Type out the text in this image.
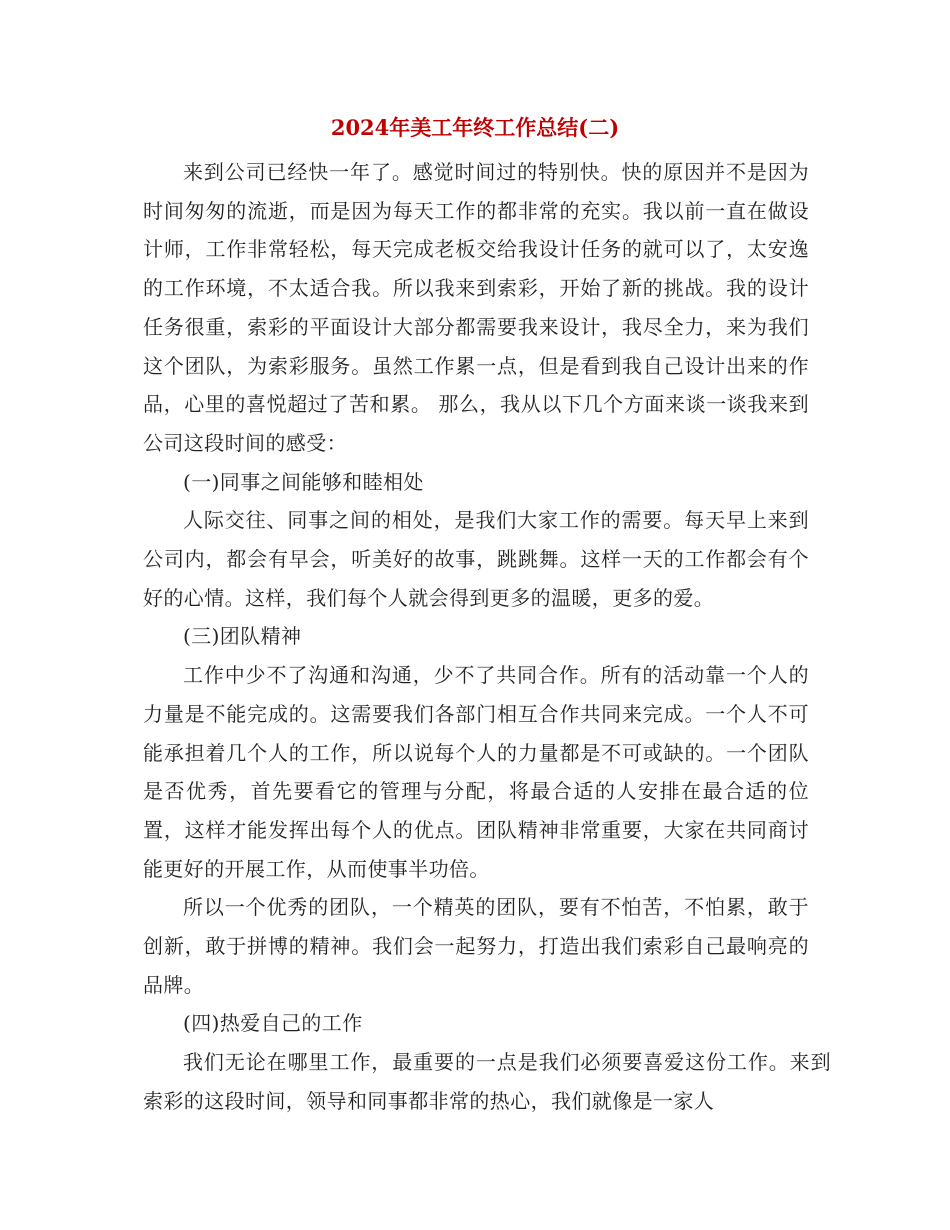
2024年美工年终工作总结(二)

来到公司已经快一年了。感觉时间过的特别快。快的原因并不是因为时间匆匆的流逝，而是因为每天工作的都非常的充实。我以前一直在做设计师，工作非常轻松，每天完成老板交给我设计任务的就可以了，太安逸的工作环境，不太适合我。所以我来到索彩，开始了新的挑战。我的设计任务很重，索彩的平面设计大部分都需要我来设计，我尽全力，来为我们这个团队，为索彩服务。虽然工作累一点，但是看到我自己设计出来的作品，心里的喜悦超过了苦和累。 那么，我从以下几个方面来谈一谈我来到公司这段时间的感受：

(一)同事之间能够和睦相处

人际交往、同事之间的相处，是我们大家工作的需要。每天早上来到公司内，都会有早会，听美好的故事，跳跳舞。这样一天的工作都会有个好的心情。这样，我们每个人就会得到更多的温暖，更多的爱。

(三)团队精神

工作中少不了沟通和沟通，少不了共同合作。所有的活动靠一个人的力量是不能完成的。这需要我们各部门相互合作共同来完成。一个人不可能承担着几个人的工作，所以说每个人的力量都是不可或缺的。一个团队是否优秀，首先要看它的管理与分配，将最合适的人安排在最合适的位置，这样才能发挥出每个人的优点。团队精神非常重要，大家在共同商讨能更好的开展工作，从而使事半功倍。

所以一个优秀的团队，一个精英的团队，要有不怕苦，不怕累，敢于创新，敢于拼博的精神。我们会一起努力，打造出我们索彩自己最响亮的品牌。

(四)热爱自己的工作

我们无论在哪里工作，最重要的一点是我们必须要喜爱这份工作。来到索彩的这段时间，领导和同事都非常的热心，我们就像是一家人
